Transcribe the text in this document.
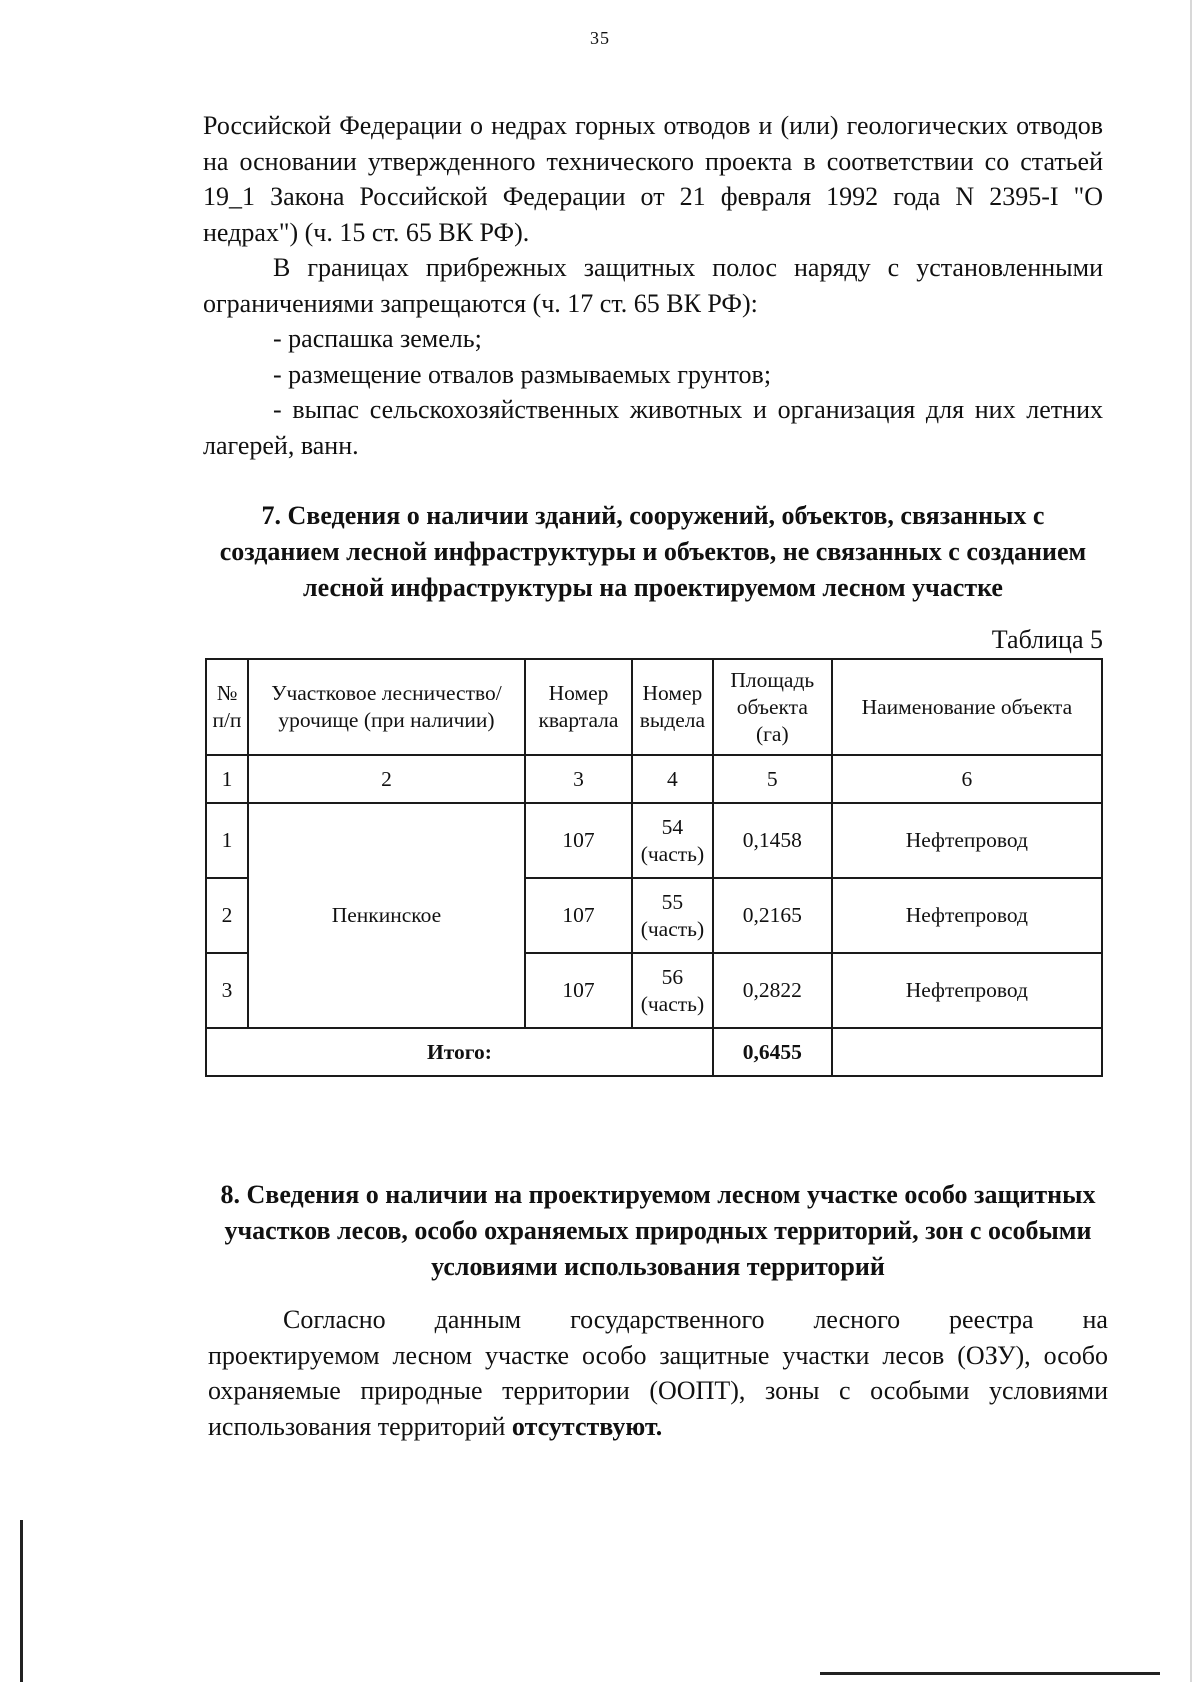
35

Российской Федерации о недрах горных отводов и (или) геологических отводов на основании утвержденного технического проекта в соответствии со статьей 19_1 Закона Российской Федерации от 21 февраля 1992 года N 2395-I "О недрах") (ч. 15 ст. 65 ВК РФ).

В границах прибрежных защитных полос наряду с установленными ограничениями запрещаются (ч. 17 ст. 65 ВК РФ):

- распашка земель;

- размещение отвалов размываемых грунтов;

- выпас сельскохозяйственных животных и организация для них летних лагерей, ванн.

7. Сведения о наличии зданий, сооружений, объектов, связанных с созданием лесной инфраструктуры и объектов, не связанных с созданием лесной инфраструктуры на проектируемом лесном участке
Таблица 5
№ п/п	Участковое лесничество/урочище (при наличии)	Номер квартала	Номер выдела	Площадь объекта (га)	Наименование объекта
1	2	3	4	5	6
1	Пенкинское	107	54 (часть)	0,1458	Нефтепровод
2		107	55 (часть)	0,2165	Нефтепровод
3		107	56 (часть)	0,2822	Нефтепровод
Итого:				0,6455	
8. Сведения о наличии на проектируемом лесном участке особо защитных участков лесов, особо охраняемых природных территорий, зон с особыми условиями использования территорий

Согласно данным государственного лесного реестра на

проектируемом лесном участке особо защитные участки лесов (ОЗУ), особо охраняемые природные территории (ООПТ), зоны с особыми условиями использования территорий отсутствуют.
